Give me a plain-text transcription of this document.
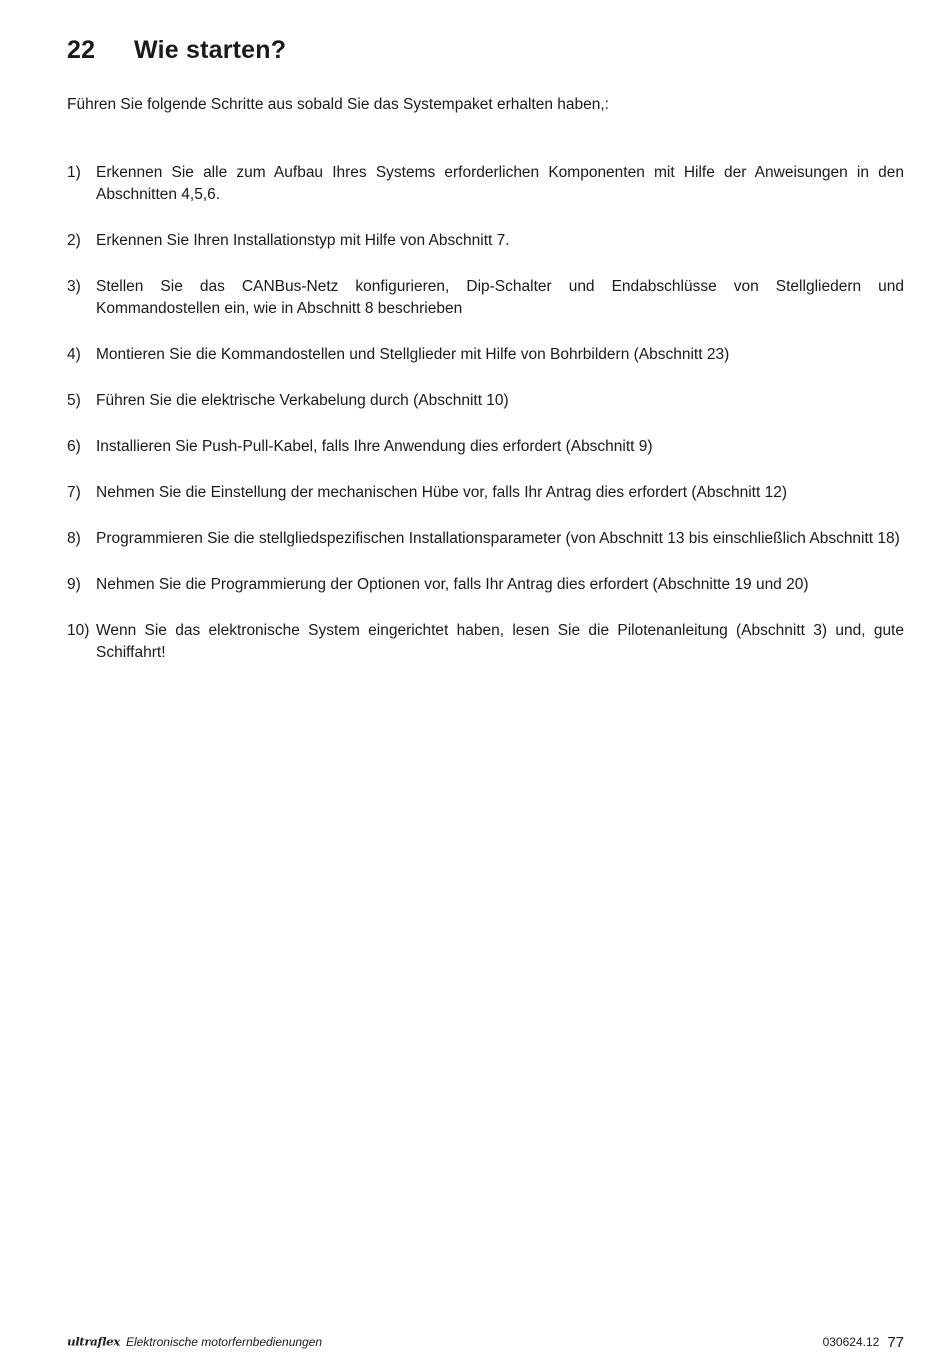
22	Wie starten?
Führen Sie folgende Schritte aus sobald Sie das Systempaket erhalten haben,:
1) Erkennen Sie alle zum Aufbau Ihres Systems erforderlichen Komponenten mit Hilfe der Anweisungen in den Abschnitten 4,5,6.
2) Erkennen Sie Ihren Installationstyp mit Hilfe von Abschnitt 7.
3) Stellen Sie das CANBus-Netz konfigurieren, Dip-Schalter und Endabschlüsse von Stellgliedern und Kommandostellen ein, wie in Abschnitt 8 beschrieben
4) Montieren Sie die Kommandostellen und Stellglieder mit Hilfe von Bohrbildern (Abschnitt 23)
5) Führen Sie die elektrische Verkabelung durch (Abschnitt 10)
6) Installieren Sie Push-Pull-Kabel, falls Ihre Anwendung dies erfordert (Abschnitt 9)
7) Nehmen Sie die Einstellung der mechanischen Hübe vor, falls Ihr Antrag dies erfordert (Abschnitt 12)
8) Programmieren Sie die stellgliedspezifischen Installationsparameter (von Abschnitt 13 bis einschließlich Abschnitt 18)
9) Nehmen Sie die Programmierung der Optionen vor, falls Ihr Antrag dies erfordert (Abschnitte 19 und 20)
10) Wenn Sie das elektronische System eingerichtet haben, lesen Sie die Pilotenanleitung (Abschnitt 3) und, gute Schiffahrt!
ultraflex Elektronische motorfernbedienungen	030624.12 77
